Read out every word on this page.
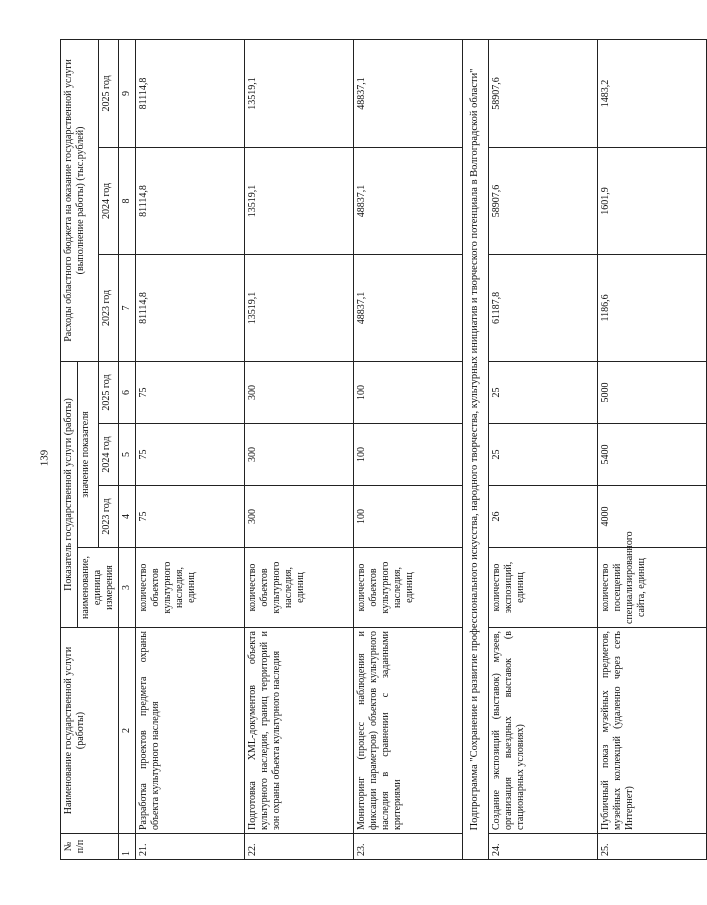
139
№ п/п	Наименование государственной услуги (работы)	Показатель государственной услуги (работы)				Расходы областного бюджета на оказание государственной услуги (выполнение работы) (тыс.рублей)		
		наименование, единица измерения	значение показателя					
			2023 год	2024 год	2025 год	2023 год	2024 год	2025 год
1	2	3	4	5	6	7	8	9
21.	Разработка проектов предмета охраны объекта культурного наследия	количество объектов культурного наследия, единиц	75	75	75	81114,8	81114,8	81114,8
22.	Подготовка XML-документов объекта культурного наследия, границ территорий и зон охраны объекта культурного наследия	количество объектов культурного наследия, единиц	300	300	300	13519,1	13519,1	13519,1
23.	Мониторинг (процесс наблюдения и фиксации параметров) объектов культурного наследия в сравнении с заданными критериями	количество объектов культурного наследия, единиц	100	100	100	48837,1	48837,1	48837,1
Подпрограмма "Сохранение и развитие профессионального искусства, народного творчества, культурных инициатив и творческого потенциала в Волгоградской области"								
24.	Создание экспозиций (выставок) музеев, организация выездных выставок (в стационарных условиях)	количество экспозиций, единиц	26	25	25	61187,8	58907,6	58907,6
25.	Публичный показ музейных предметов, музейных коллекций (удаленно через сеть Интернет)	количество посещений специализированного сайта, единиц	4000	5400	5000	1186,6	1601,9	1483,2
